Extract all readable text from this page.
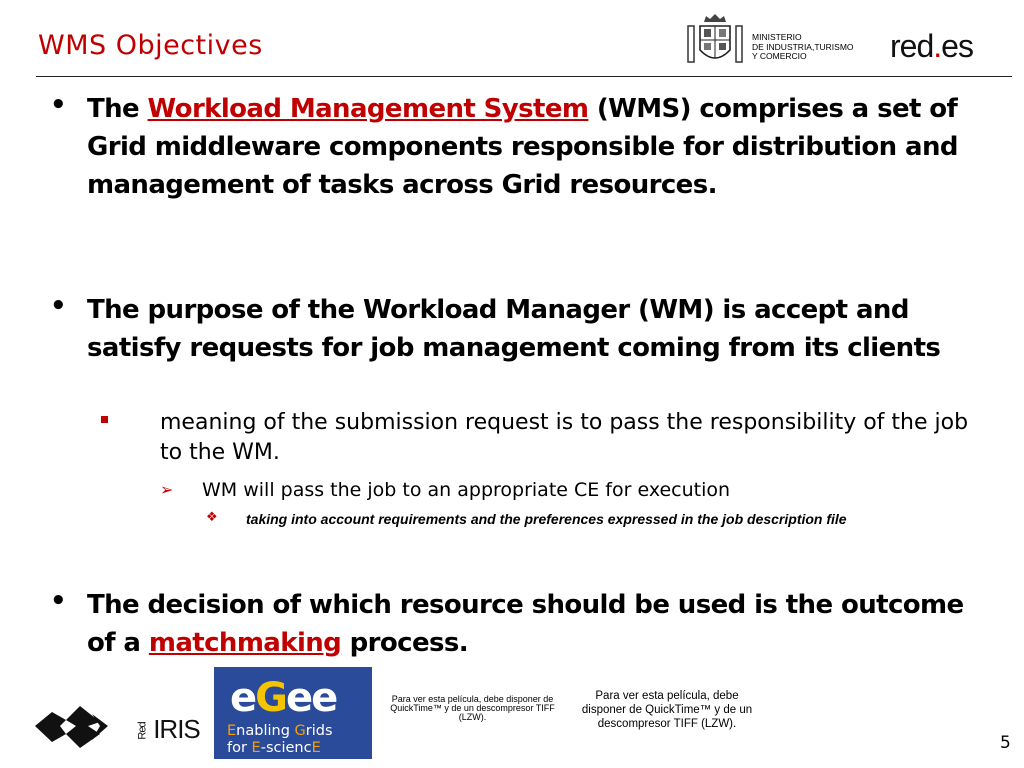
WMS Objectives	MINISTERIO
DE INDUSTRIA,TURISMO
Y COMERCIO	red.es
• The Workload Management System (WMS) comprises a set of Grid middleware components responsible for distribution and management of tasks across Grid resources.
• The purpose of the Workload Manager (WM) is accept and satisfy requests for job management coming from its clients
meaning of the submission request is to pass the responsibility of the job to the WM.
➢ WM will pass the job to an appropriate CE for execution
❖ taking into account requirements and the preferences expressed in the job description file
• The decision of which resource should be used is the outcome of a matchmaking process.
Red IRIS
eGee
Enabling Grids
for E-sciencE
Para ver esta película, debe disponer de QuickTime™ y de un descompresor TIFF (LZW).
Para ver esta película, debe disponer de QuickTime™ y de un descompresor TIFF (LZW).
5
